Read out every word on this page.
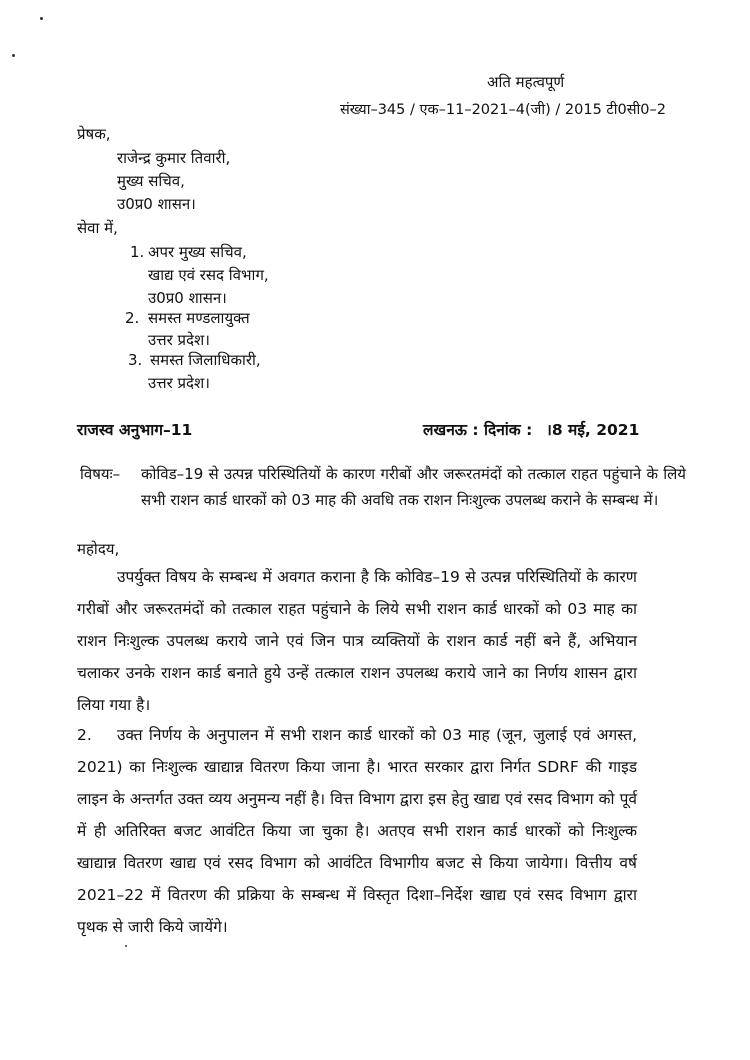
अति महत्वपूर्ण
संख्या–345 / एक–11–2021–4(जी) / 2015 टी0सी0–2
प्रेषक,
राजेन्द्र कुमार तिवारी,
मुख्य सचिव,
उ0प्र0 शासन।
सेवा में,
1. अपर मुख्य सचिव,
खाद्य एवं रसद विभाग,
उ0प्र0 शासन।
2. समस्त मण्डलायुक्त
उत्तर प्रदेश।
3. समस्त जिलाधिकारी,
उत्तर प्रदेश।
राजस्व अनुभाग–11	लखनऊ : दिनांक : ।8 मई, 2021
विषयः– कोविड–19 से उत्पन्न परिस्थितियों के कारण गरीबों और जरूरतमंदों को तत्काल राहत पहुंचाने के लिये सभी राशन कार्ड धारकों को 03 माह की अवधि तक राशन निःशुल्क उपलब्ध कराने के सम्बन्ध में।
महोदय,
उपर्युक्त विषय के सम्बन्ध में अवगत कराना है कि कोविड–19 से उत्पन्न परिस्थितियों के कारण गरीबों और जरूरतमंदों को तत्काल राहत पहुंचाने के लिये सभी राशन कार्ड धारकों को 03 माह का राशन निःशुल्क उपलब्ध कराये जाने एवं जिन पात्र व्यक्तियों के राशन कार्ड नहीं बने हैं, अभियान चलाकर उनके राशन कार्ड बनाते हुये उन्हें तत्काल राशन उपलब्ध कराये जाने का निर्णय शासन द्वारा लिया गया है।
2.	उक्त निर्णय के अनुपालन में सभी राशन कार्ड धारकों को 03 माह (जून, जुलाई एवं अगस्त, 2021) का निःशुल्क खाद्यान्न वितरण किया जाना है। भारत सरकार द्वारा निर्गत SDRF की गाइड लाइन के अन्तर्गत उक्त व्यय अनुमन्य नहीं है। वित्त विभाग द्वारा इस हेतु खाद्य एवं रसद विभाग को पूर्व में ही अतिरिक्त बजट आवंटित किया जा चुका है। अतएव सभी राशन कार्ड धारकों को निःशुल्क खाद्यान्न वितरण खाद्य एवं रसद विभाग को आवंटित विभागीय बजट से किया जायेगा। वित्तीय वर्ष 2021–22 में वितरण की प्रक्रिया के सम्बन्ध में विस्तृत दिशा–निर्देश खाद्य एवं रसद विभाग द्वारा पृथक से जारी किये जायेंगे।
